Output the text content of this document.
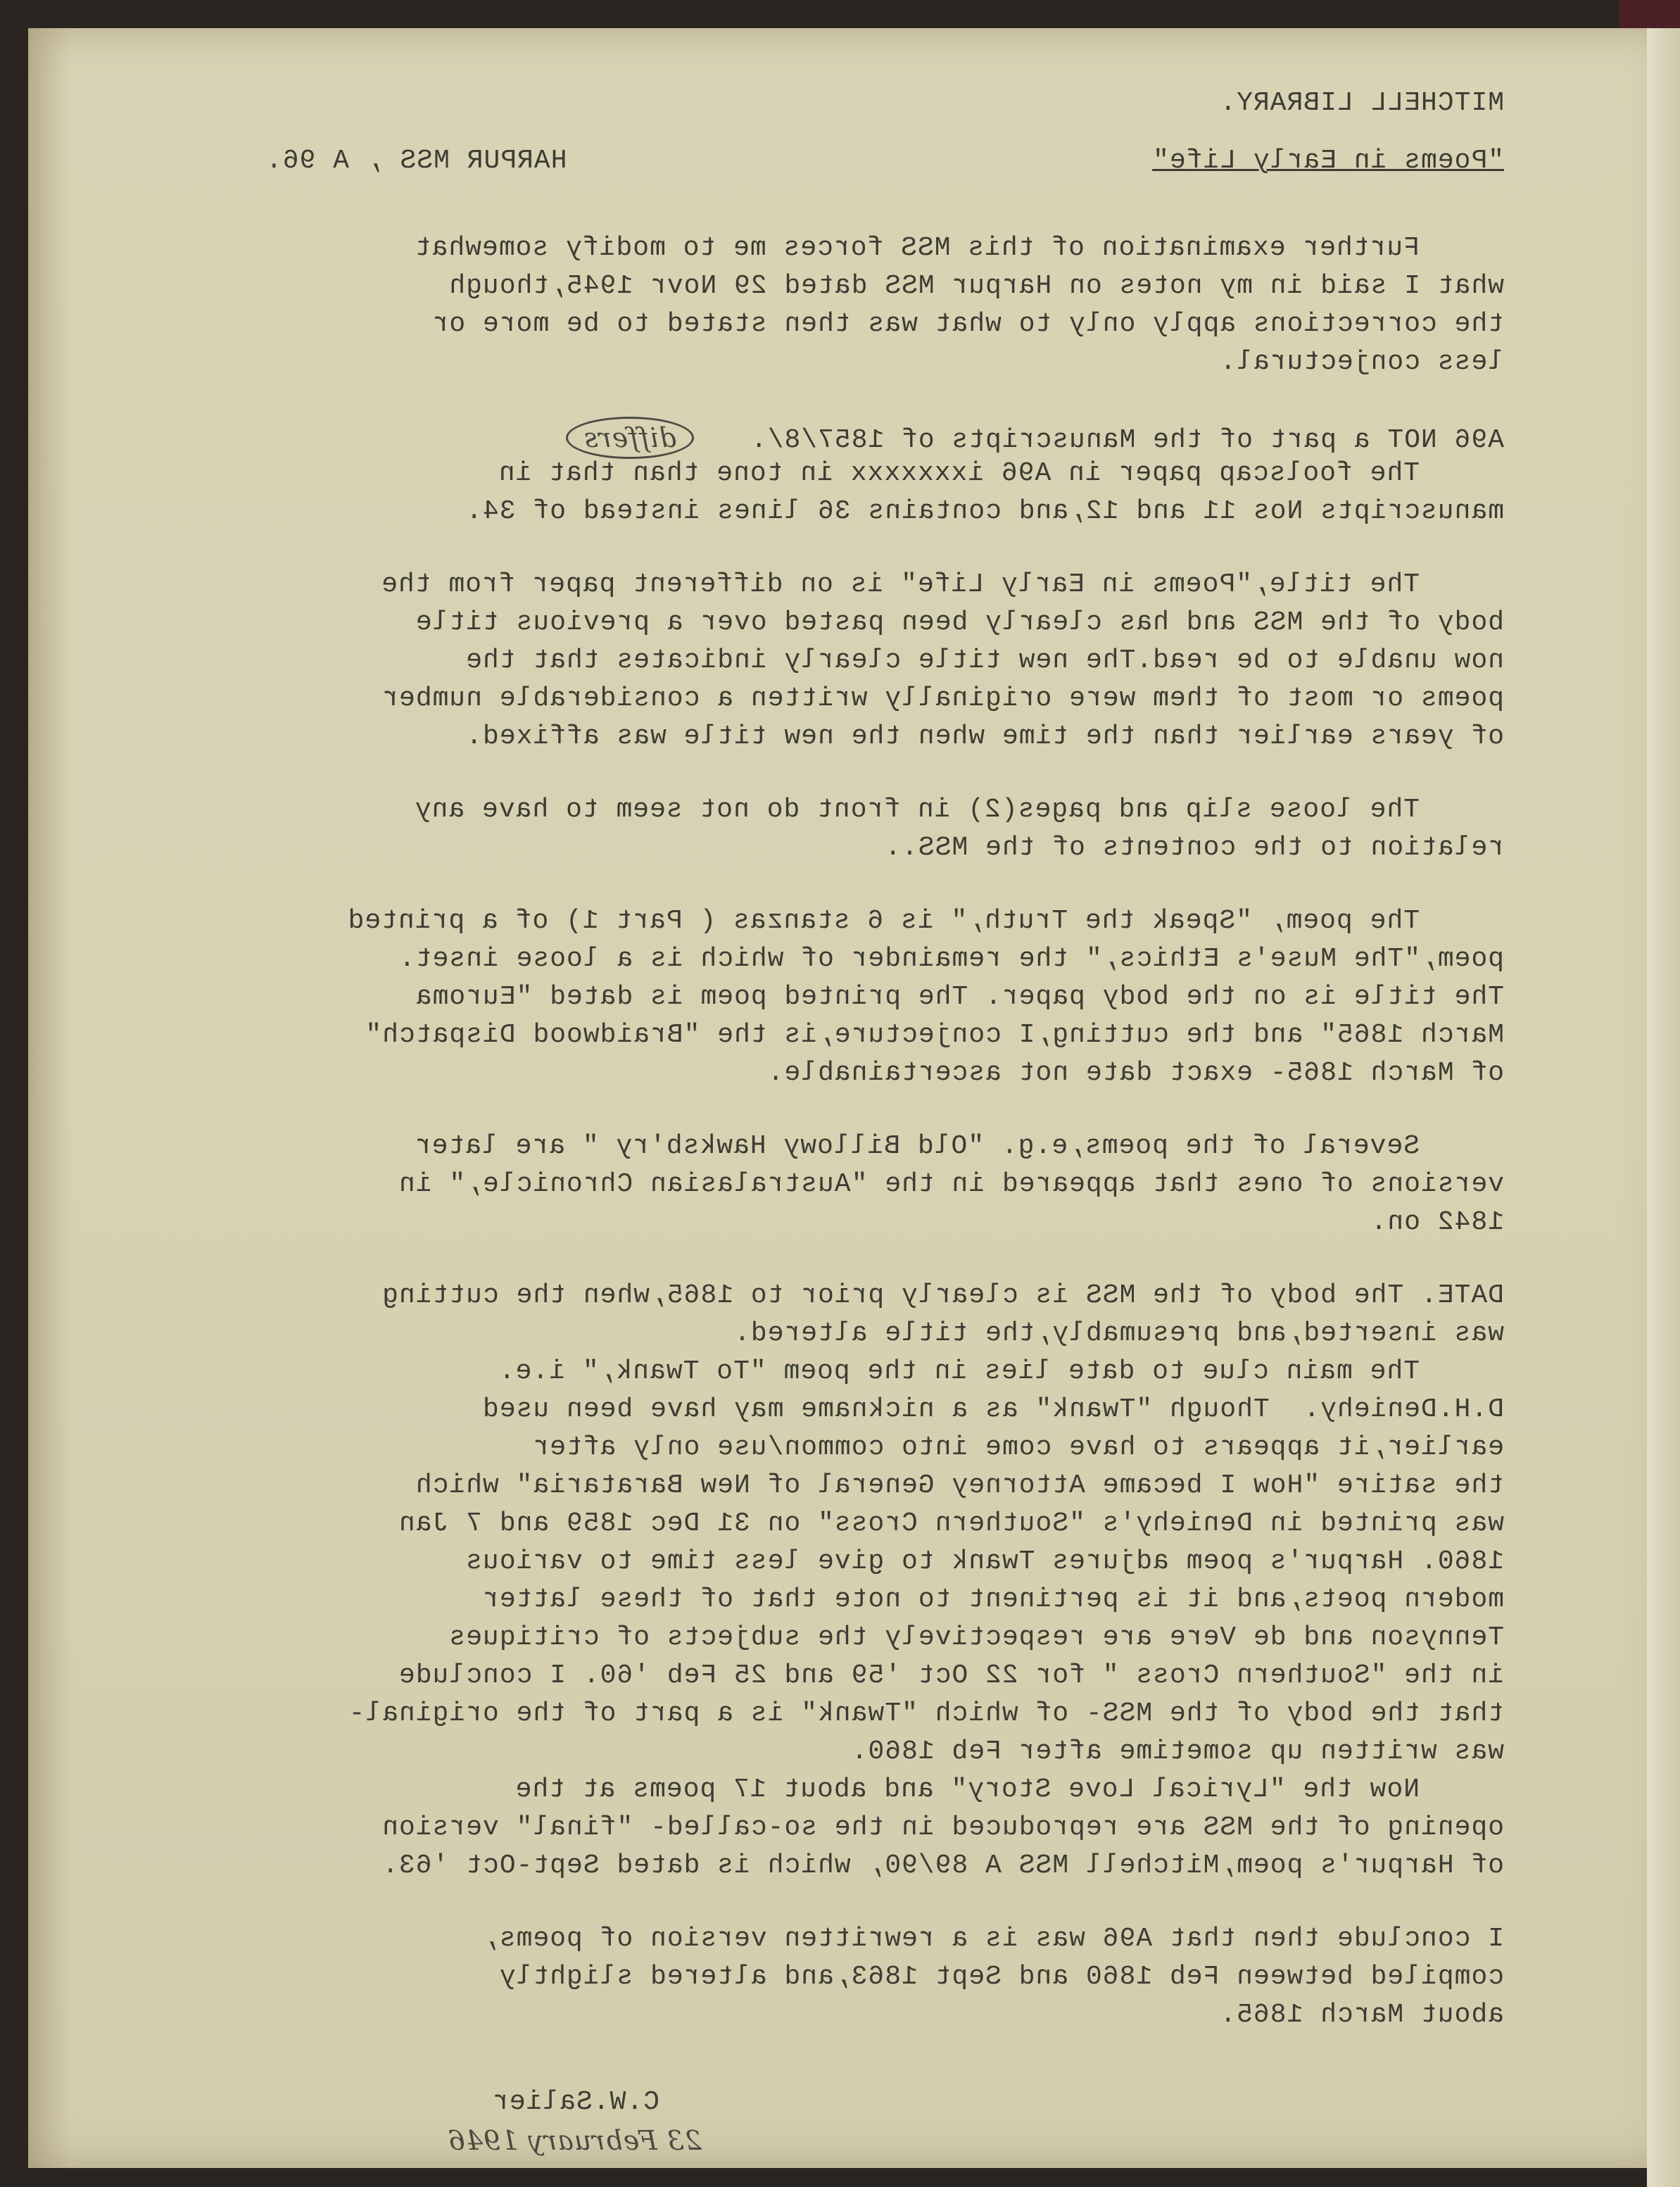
MITCHELL LIBRARY.
"Poems in Early Life"
HARPUR MSS , A 96.
Further examination of this MSS forces me to modify somewhat
what I said in my notes on Harpur MSS dated 29 Novr 1945,though
the corrections apply only to what was then stated to be more or
less conjectural.
A96 NOT a part of the Manuscripts of 1857/8/.differs
The foolscap paper in A96 ixxxxxxx in tone than that in
manuscripts Nos 11 and 12,and contains 36 lines instead of 34.
The title,"Poems in Early Life" is on different paper from the
body of the MSS and has clearly been pasted over a previous title
now unable to be read.The new title clearly indicates that the
poems or most of them were originally written a considerable number
of years earlier than the time when the new title was affixed.
The loose slip and pages(2) in front do not seem to have any
relation to the contents of the MSS..
The poem, "Speak the Truth," is 6 stanzas ( Part 1) of a printed
poem,"The Muse's Ethics," the remainder of which is a loose inset.
The title is on the body paper. The printed poem is dated "Euroma
March 1865" and the cutting,I conjecture,is the "Braidwood Dispatch"
of March 1865- exact date not ascertainable.
Several of the poems,e.g. "Old Billowy Hawksb'ry " are later
versions of ones that appeared in the "Australasian Chronicle," in
1842 on.
DATE. The body of the MSS is clearly prior to 1865,when the cutting
was inserted,and presumably,the title altered.
The main clue to date lies in the poem "To Twank," i.e.
D.H.Deniehy.  Though "Twank" as a nickname may have been used
earlier,it appears to have come into common/use only after
the satire "How I became Attorney General of New Barataria" which
was printed in Deniehy's "Southern Cross" on 31 Dec 1859 and 7 Jan
1860. Harpur's poem adjures Twank to give less time to various
modern poets,and it is pertinent to note that of these latter
Tennyson and de Vere are respectively the subjects of critiques
in the "Southern Cross " for 22 Oct '59 and 25 Feb '60. I conclude
that the body of the MSS- of which "Twank" is a part of the original-
was written up sometime after Feb 1860.
Now the "Lyrical Love Story" and about 17 poems at the
opening of the MSS are reproduced in the so-called- "final" version
of Harpur's poem,Mitchell MSS A 89/90, which is dated Sept-Oct '63.
I conclude then that A96 was is a rewritten version of poems,
compiled between Feb 1860 and Sept 1863,and altered slightly
about March 1865.
C.W.Salier
23 February 1946
